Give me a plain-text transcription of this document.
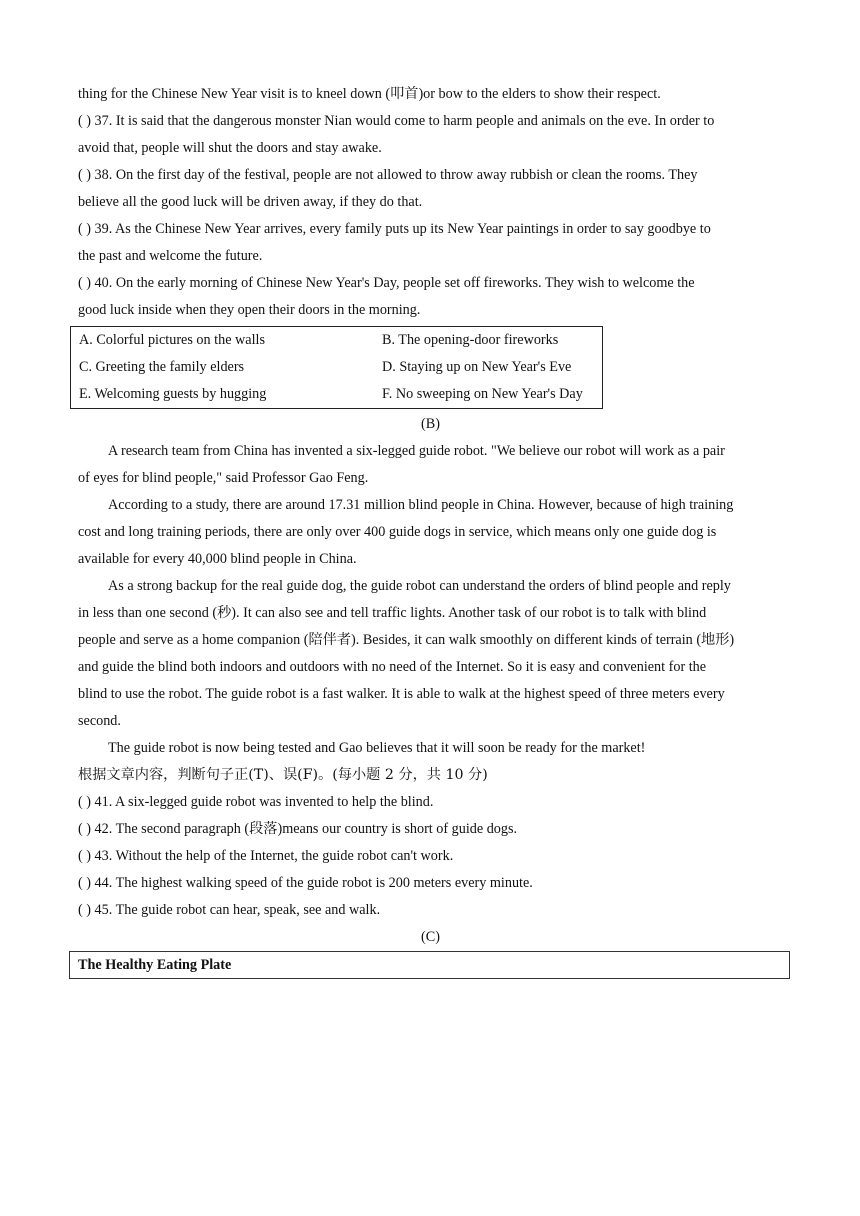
thing for the Chinese New Year visit is to kneel down (叩首)or bow to the elders to show their respect.
( ) 37. It is said that the dangerous monster Nian would come to harm people and animals on the eve. In order to
avoid that, people will shut the doors and stay awake.
( ) 38. On the first day of the festival, people are not allowed to throw away rubbish or clean the rooms. They
believe all the good luck will be driven away, if they do that.
( ) 39. As the Chinese New Year arrives, every family puts up its New Year paintings in order to say goodbye to
the past and welcome the future.
( ) 40. On the early morning of Chinese New Year's Day, people set off fireworks. They wish to welcome the
good luck inside when they open their doors in the morning.
A. Colorful pictures on the walls	B. The opening-door fireworks
C. Greeting the family elders	D. Staying up on New Year's Eve
E. Welcoming guests by hugging	F. No sweeping on New Year's Day
(B)
A research team from China has invented a six-legged guide robot. "We believe our robot will work as a pair
of eyes for blind people," said Professor Gao Feng.
According to a study, there are around 17.31 million blind people in China. However, because of high training
cost and long training periods, there are only over 400 guide dogs in service, which means only one guide dog is
available for every 40,000 blind people in China.
As a strong backup for the real guide dog, the guide robot can understand the orders of blind people and reply
in less than one second (秒). It can also see and tell traffic lights. Another task of our robot is to talk with blind
people and serve as a home companion (陪伴者). Besides, it can walk smoothly on different kinds of terrain (地形)
and guide the blind both indoors and outdoors with no need of the Internet. So it is easy and convenient for the
blind to use the robot. The guide robot is a fast walker. It is able to walk at the highest speed of three meters every
second.
The guide robot is now being tested and Gao believes that it will soon be ready for the market!
根据文章内容，判断句子正(T)、误(F)。(每小题 2 分，共 10 分)
( ) 41. A six-legged guide robot was invented to help the blind.
( ) 42. The second paragraph (段落)means our country is short of guide dogs.
( ) 43. Without the help of the Internet, the guide robot can't work.
( ) 44. The highest walking speed of the guide robot is 200 meters every minute.
( ) 45. The guide robot can hear, speak, see and walk.
(C)
The Healthy Eating Plate
